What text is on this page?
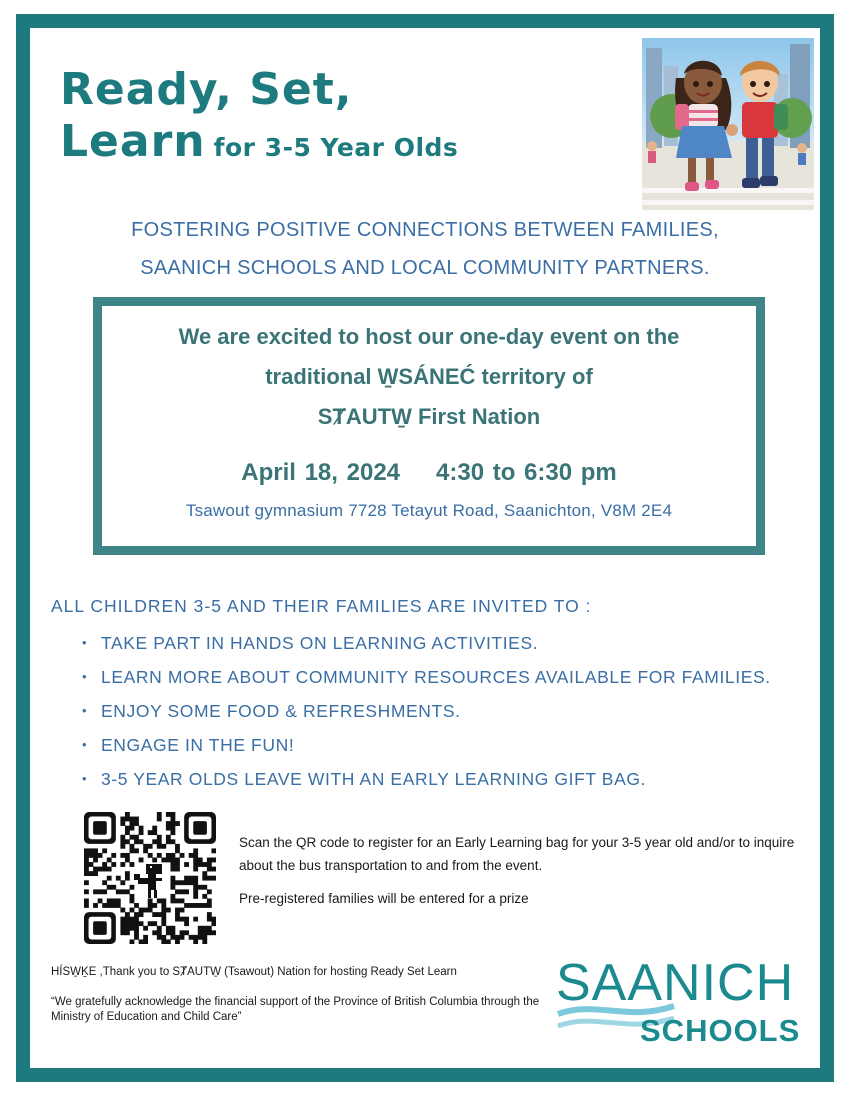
Ready, Set,
Learn for 3-5 Year Olds
FOSTERING POSITIVE CONNECTIONS BETWEEN FAMILIES,
SAANICH SCHOOLS AND LOCAL COMMUNITY PARTNERS.
We are excited to host our one-day event on the
traditional W̱SÁNEĆ territory of
SȾAUTW̱ First Nation
April 18, 2024 4:30 to 6:30 pm
Tsawout gymnasium 7728 Tetayut Road, Saanichton, V8M 2E4
ALL CHILDREN 3-5 AND THEIR FAMILIES ARE INVITED TO :
• TAKE PART IN HANDS ON LEARNING ACTIVITIES.
• LEARN MORE ABOUT COMMUNITY RESOURCES AVAILABLE FOR FAMILIES.
• ENJOY SOME FOOD & REFRESHMENTS.
• ENGAGE IN THE FUN!
• 3-5 YEAR OLDS LEAVE WITH AN EARLY LEARNING GIFT BAG.

Scan the QR code to register for an Early Learning bag for your 3-5 year old and/or to inquire about the bus transportation to and from the event.

Pre-registered families will be entered for a prize

HÍSW̱ḴE ,Thank you to SȾAUTW̱ (Tsawout) Nation for hosting Ready Set Learn
“We gratefully acknowledge the financial support of the Province of British Columbia through the Ministry of Education and Child Care”
SAANICH
SCHOOLS
